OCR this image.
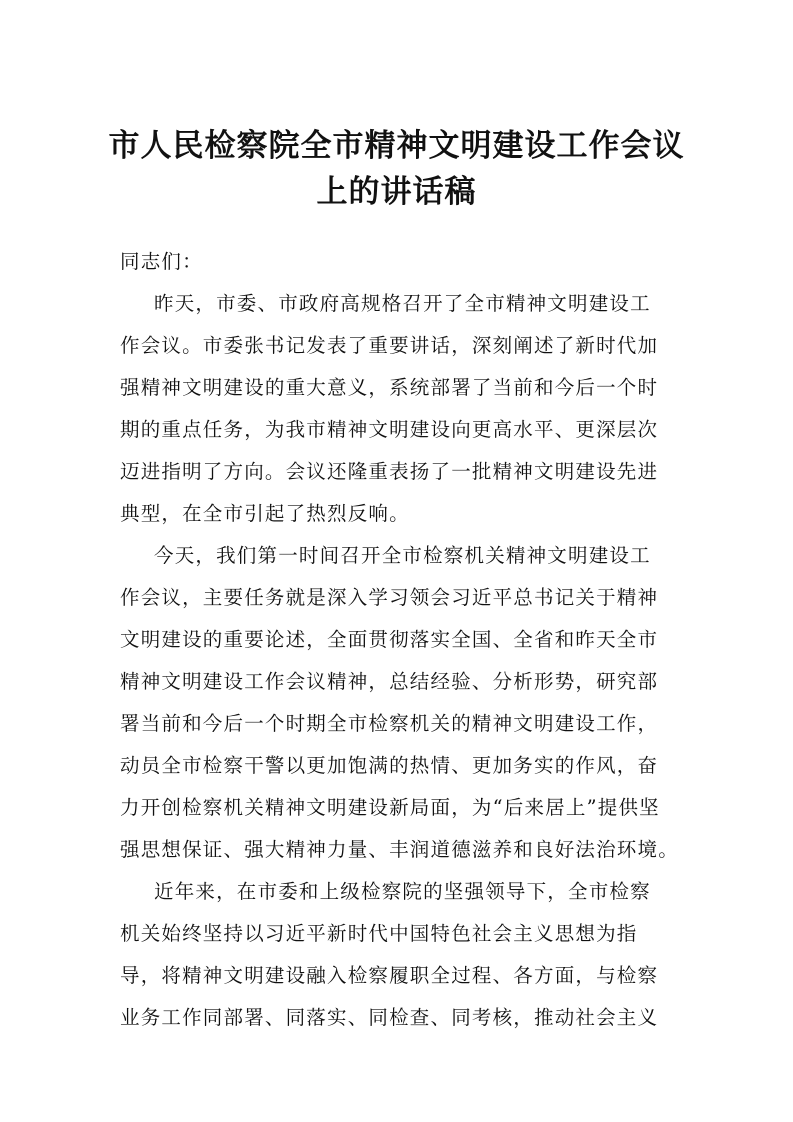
市人民检察院全市精神文明建设工作会议
上的讲话稿

同志们：

昨天，市委、市政府高规格召开了全市精神文明建设工

作会议。市委张书记发表了重要讲话，深刻阐述了新时代加

强精神文明建设的重大意义，系统部署了当前和今后一个时

期的重点任务，为我市精神文明建设向更高水平、更深层次

迈进指明了方向。会议还隆重表扬了一批精神文明建设先进

典型，在全市引起了热烈反响。

今天，我们第一时间召开全市检察机关精神文明建设工

作会议，主要任务就是深入学习领会习近平总书记关于精神

文明建设的重要论述，全面贯彻落实全国、全省和昨天全市

精神文明建设工作会议精神，总结经验、分析形势，研究部

署当前和今后一个时期全市检察机关的精神文明建设工作，

动员全市检察干警以更加饱满的热情、更加务实的作风，奋

力开创检察机关精神文明建设新局面，为“后来居上”提供坚

强思想保证、强大精神力量、丰润道德滋养和良好法治环境。

近年来，在市委和上级检察院的坚强领导下，全市检察

机关始终坚持以习近平新时代中国特色社会主义思想为指

导，将精神文明建设融入检察履职全过程、各方面，与检察

业务工作同部署、同落实、同检查、同考核，推动社会主义
